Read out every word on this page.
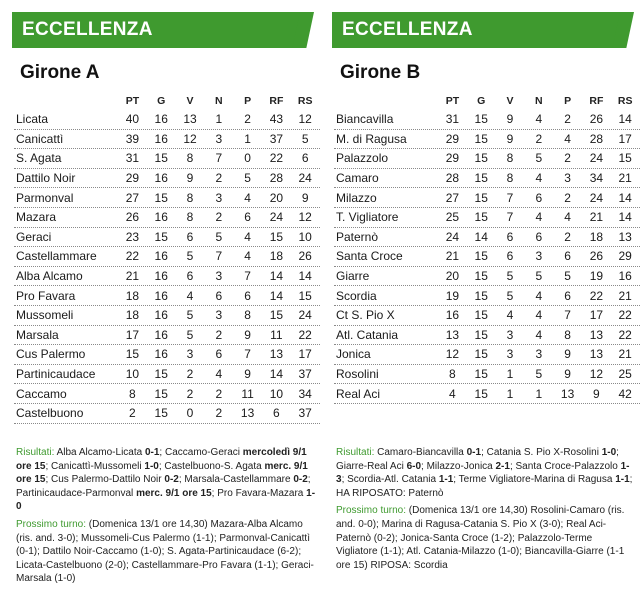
ECCELLENZA
Girone A
PT	G	V	N	P	RF	RS
Licata	40	16	13	1	2	43	12
Canicattì	39	16	12	3	1	37	5
S. Agata	31	15	8	7	0	22	6
Dattilo Noir	29	16	9	2	5	28	24
Parmonval	27	15	8	3	4	20	9
Mazara	26	16	8	2	6	24	12
Geraci	23	15	6	5	4	15	10
Castellammare	22	16	5	7	4	18	26
Alba Alcamo	21	16	6	3	7	14	14
Pro Favara	18	16	4	6	6	14	15
Mussomeli	18	16	5	3	8	15	24
Marsala	17	16	5	2	9	11	22
Cus Palermo	15	16	3	6	7	13	17
Partinicaudace	10	15	2	4	9	14	37
Caccamo	8	15	2	2	11	10	34
Castelbuono	2	15	0	2	13	6	37
Risultati: Alba Alcamo-Licata 0-1; Caccamo-Geraci mercoledì 9/1 ore 15; Canicattì-Mussomeli 1-0; Castelbuono-S. Agata merc. 9/1 ore 15; Cus Palermo-Dattilo Noir 0-2; Marsala-Castellammare 0-2; Partinicaudace-Parmonval merc. 9/1 ore 15; Pro Favara-Mazara 1-0
Prossimo turno: (Domenica 13/1 ore 14,30) Mazara-Alba Alcamo (ris. and. 3-0); Mussomeli-Cus Palermo (1-1); Parmonval-Canicattì (0-1); Dattilo Noir-Caccamo (1-0); S. Agata-Partinicaudace (6-2); Licata-Castelbuono (2-0); Castellammare-Pro Favara (1-1); Geraci-Marsala (1-0)
ECCELLENZA
Girone B
PT	G	V	N	P	RF	RS
Biancavilla	31	15	9	4	2	26	14
M. di Ragusa	29	15	9	2	4	28	17
Palazzolo	29	15	8	5	2	24	15
Camaro	28	15	8	4	3	34	21
Milazzo	27	15	7	6	2	24	14
T. Vigliatore	25	15	7	4	4	21	14
Paternò	24	14	6	6	2	18	13
Santa Croce	21	15	6	3	6	26	29
Giarre	20	15	5	5	5	19	16
Scordia	19	15	5	4	6	22	21
Ct S. Pio X	16	15	4	4	7	17	22
Atl. Catania	13	15	3	4	8	13	22
Jonica	12	15	3	3	9	13	21
Rosolini	8	15	1	5	9	12	25
Real Aci	4	15	1	1	13	9	42
Risultati: Camaro-Biancavilla 0-1; Catania S. Pio X-Rosolini 1-0; Giarre-Real Aci 6-0; Milazzo-Jonica 2-1; Santa Croce-Palazzolo 1-3; Scordia-Atl. Catania 1-1; Terme Vigliatore-Marina di Ragusa 1-1; HA RIPOSATO: Paternò
Prossimo turno: (Domenica 13/1 ore 14,30) Rosolini-Camaro (ris. and. 0-0); Marina di Ragusa-Catania S. Pio X (3-0); Real Aci-Paternò (0-2); Jonica-Santa Croce (1-2); Palazzolo-Terme Vigliatore (1-1); Atl. Catania-Milazzo (1-0); Biancavilla-Giarre (1-1 ore 15) RIPOSA: Scordia
